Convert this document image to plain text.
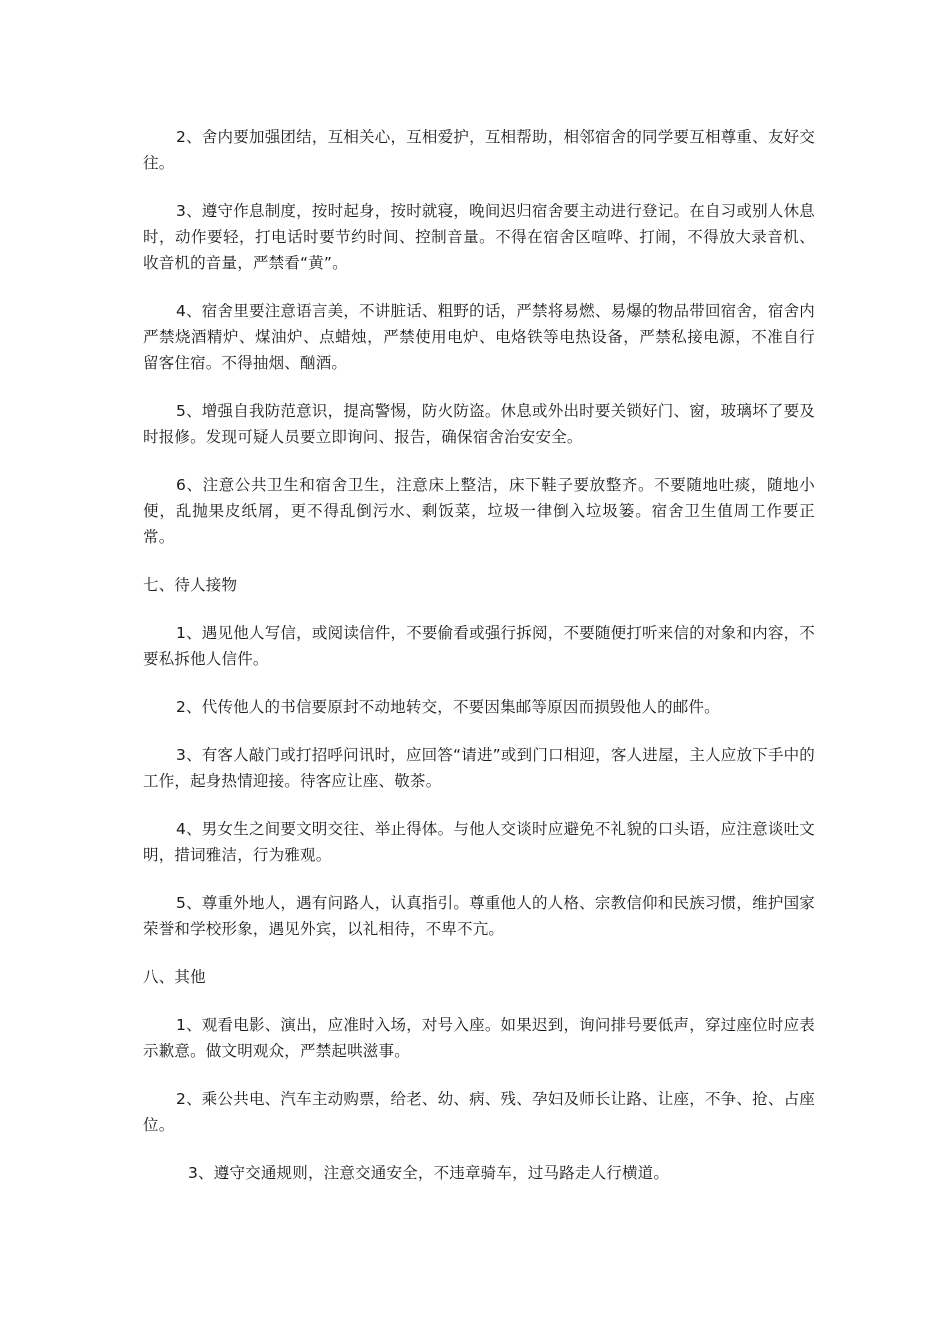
2、舍内要加强团结，互相关心，互相爱护，互相帮助，相邻宿舍的同学要互相尊重、友好交往。

3、遵守作息制度，按时起身，按时就寝，晚间迟归宿舍要主动进行登记。在自习或别人休息时，动作要轻，打电话时要节约时间、控制音量。不得在宿舍区喧哗、打闹，不得放大录音机、收音机的音量，严禁看“黄”。

4、宿舍里要注意语言美，不讲脏话、粗野的话，严禁将易燃、易爆的物品带回宿舍，宿舍内严禁烧酒精炉、煤油炉、点蜡烛，严禁使用电炉、电烙铁等电热设备，严禁私接电源，不准自行留客住宿。不得抽烟、酗酒。

5、增强自我防范意识，提高警惕，防火防盗。休息或外出时要关锁好门、窗，玻璃坏了要及时报修。发现可疑人员要立即询问、报告，确保宿舍治安安全。

6、注意公共卫生和宿舍卫生，注意床上整洁，床下鞋子要放整齐。不要随地吐痰，随地小便，乱抛果皮纸屑，更不得乱倒污水、剩饭菜，垃圾一律倒入垃圾篓。宿舍卫生值周工作要正常。

七、待人接物

1、遇见他人写信，或阅读信件，不要偷看或强行拆阅，不要随便打听来信的对象和内容，不要私拆他人信件。

2、代传他人的书信要原封不动地转交，不要因集邮等原因而损毁他人的邮件。

3、有客人敲门或打招呼问讯时，应回答“请进”或到门口相迎，客人进屋，主人应放下手中的工作，起身热情迎接。待客应让座、敬茶。

4、男女生之间要文明交往、举止得体。与他人交谈时应避免不礼貌的口头语，应注意谈吐文明，措词雅洁，行为雅观。

5、尊重外地人，遇有问路人，认真指引。尊重他人的人格、宗教信仰和民族习惯，维护国家荣誉和学校形象，遇见外宾，以礼相待，不卑不亢。

八、其他

1、观看电影、演出，应准时入场，对号入座。如果迟到，询问排号要低声，穿过座位时应表示歉意。做文明观众，严禁起哄滋事。

2、乘公共电、汽车主动购票，给老、幼、病、残、孕妇及师长让路、让座，不争、抢、占座位。

3、遵守交通规则，注意交通安全，不违章骑车，过马路走人行横道。
